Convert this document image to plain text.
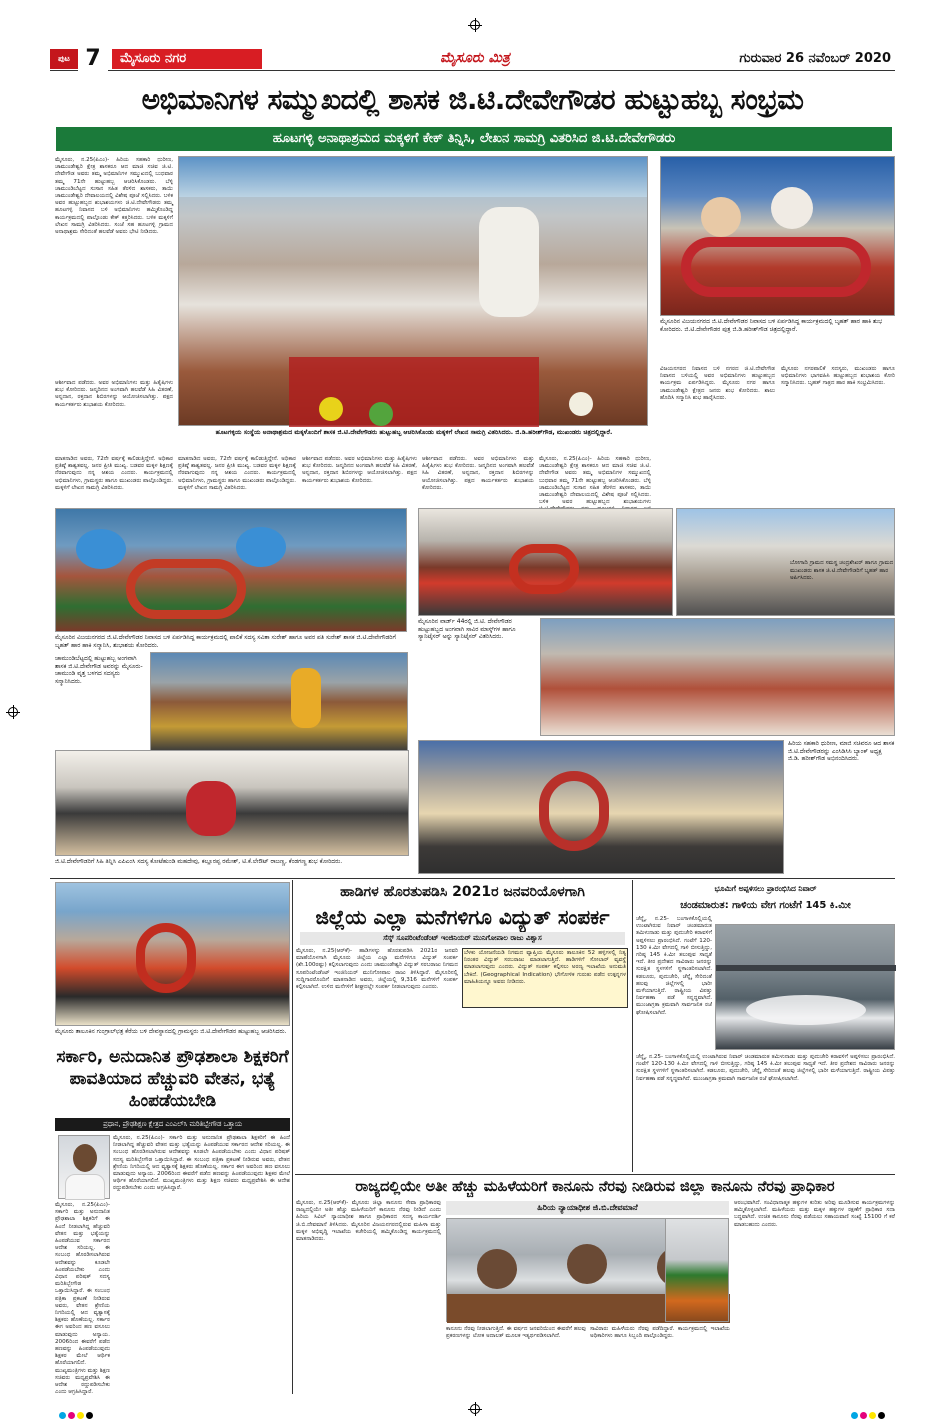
ಪುಟ 7	ಮೈಸೂರು ನಗರ	ಮೈಸೂರು ಮಿತ್ರ	ಗುರುವಾರ 26 ನವೆಂಬರ್ 2020
ಅಭಿಮಾನಿಗಳ ಸಮ್ಮುಖದಲ್ಲಿ ಶಾಸಕ ಜಿ.ಟಿ.ದೇವೇಗೌಡರ ಹುಟ್ಟುಹಬ್ಬ ಸಂಭ್ರಮ
ಹೂಟಗಳ್ಳಿ ಅನಾಥಾಶ್ರಮದ ಮಕ್ಕಳಿಗೆ ಕೇಕ್ ತಿನ್ನಿಸಿ, ಲೇಖನ ಸಾಮಗ್ರಿ ವಿತರಿಸಿದ ಜಿ.ಟಿ.ದೇವೇಗೌಡರು
ಮೈಸೂರು, ನ.25(ಪಿಎಂ)- ಹಿರಿಯ ಸಹಕಾರಿ ಧುರೀಣ, ಚಾಮುಂಡೇಶ್ವರಿ ಕ್ಷೇತ್ರ ಶಾಸಕರೂ ಆದ ಮಾಜಿ ಸಚಿವ ಜಿ.ಟಿ. ದೇವೇಗೌಡ ಅವರು ತಮ್ಮ ಅಭಿಮಾನಿಗಳ ಸಮ್ಮುಖದಲ್ಲಿ ಬುಧವಾರ ತಮ್ಮ 71ನೇ ಹುಟ್ಟುಹಬ್ಬ ಆಚರಿಸಿಕೊಂಡರು. ಬೆಳ್ಳಿ ಚಾಮುಂಡಿಬೆಟ್ಟದ ಸುಸಾನ ಸಹಿತ ತೆರಳಿದ ಶಾಸಕರು, ತಾಯಿ ಚಾಮುಂಡೇಶ್ವರಿ ದೇವಾಲಯದಲ್ಲಿ ವಿಶೇಷ ಪೂಜೆ ಸಲ್ಲಿಸಿದರು. ಬಳಿಕ ಅವರ ಹುಟ್ಟುಹಬ್ಬದ ಶುಭಾಶಯಗಳು ಜಿ.ಟಿ.ದೇವೇಗೌಡರು ತಮ್ಮ ಹೂಟಗಳ್ಳಿ ನಿವಾಸದ ಬಳಿ ಅಭಿಮಾನಿಗಳು ಹಮ್ಮಿಕೊಂಡಿದ್ದ ಕಾರ್ಯಕ್ರಮದಲ್ಲಿ ಪಾಲ್ಗೊಂಡು ಕೇಕ್ ಕತ್ತರಿಸಿದರು. ಬಳಿಕ ಮಕ್ಕಳಿಗೆ ಲೇಖನ ಸಾಮಗ್ರಿ ವಿತರಿಸಿದರು. ಸಂಜೆ ಸಹ ಹೂಟಗಳ್ಳಿ ಗ್ರಾಮದ ಅನಾಥಾಶ್ರಮ ಸೇರಿದಂತೆ ಹಲವೆಡೆ ಅವರು ಭೇಟಿ ನೀಡಿದರು.
ಆರ್ಶೀವಾದ ಪಡೆದರು. ಅವರ ಅಭಿಮಾನಿಗಳು ಮತ್ತು ಹಿತೈಷಿಗಳು ಶುಭ ಕೋರಿದರು. ಜನ್ಮದಿನದ ಅಂಗವಾಗಿ ಹಲವೆಡೆ ಸಿಹಿ ವಿತರಣೆ, ಅನ್ನದಾನ, ರಕ್ತದಾನ ಶಿಬಿರಗಳನ್ನು ಆಯೋಜಿಸಲಾಗಿತ್ತು. ಪಕ್ಷದ ಕಾರ್ಯಕರ್ತರು ಶುಭಾಶಯ ಕೋರಿದರು.
ಹೂಟಗಳ್ಳಿಯ ಸಂಸ್ಥೆಯ ಅನಾಥಾಶ್ರಮದ ಮಕ್ಕಳೊಂದಿಗೆ ಶಾಸಕ ಜಿ.ಟಿ.ದೇವೇಗೌಡರು ಹುಟ್ಟುಹಬ್ಬ ಆಚರಿಸಿಕೊಂಡು ಮಕ್ಕಳಿಗೆ ಲೇಖನ ಸಾಮಗ್ರಿ ವಿತರಿಸಿದರು. ಜಿ.ಡಿ.ಹರೀಶ್‌ಗೌಡ, ಮುಖಂಡರು ಚಿತ್ರದಲ್ಲಿದ್ದಾರೆ.
ಮೈಸೂರಿನ ವಿಜಯನಗರದ ಜಿ.ಟಿ.ದೇವೇಗೌಡರ ನಿವಾಸದ ಬಳಿ ಏರ್ಪಡಿಸಿದ್ದ ಕಾರ್ಯಕ್ರಮದಲ್ಲಿ ಬೃಹತ್ ಹಾರ ಹಾಕಿ ಶುಭ ಕೋರಿದರು. ಜಿ.ಟಿ.ದೇವೇಗೌಡರ ಪುತ್ರ ಜಿ.ಡಿ.ಹರೀಶ್‌ಗೌಡ ಚಿತ್ರದಲ್ಲಿದ್ದಾರೆ.
ವಿಜಯನಗರದ ನಿವಾಸದ ಬಳಿ ನಗರದ ಜಿ.ಟಿ.ದೇವೇಗೌಡ ನಿವಾಸದ ಬಳಿಯಲ್ಲಿ ಅವರ ಅಭಿಮಾನಿಗಳು ಹುಟ್ಟುಹಬ್ಬದ ಕಾರ್ಯಕ್ರಮ ಏರ್ಪಡಿಸಿದ್ದರು. ಮೈಸೂರು ನಗರ ಹಾಗೂ ಚಾಮುಂಡೇಶ್ವರಿ ಕ್ಷೇತ್ರದ ಜನರು ಶುಭ ಕೋರಿದರು. ಶಾಲು ಹೊದಿಸಿ ಸನ್ಮಾನಿಸಿ ಶುಭ ಹಾರೈಸಿದರು.
ಮೈಸೂರು ನಗರಪಾಲಿಕೆ ಸದಸ್ಯರು, ಮುಖಂಡರು ಹಾಗೂ ಅಭಿಮಾನಿಗಳು ಭಾಗವಹಿಸಿ ಹುಟ್ಟುಹಬ್ಬದ ಶುಭಾಶಯ ಕೋರಿ ಸನ್ಮಾನಿಸಿದರು. ಬೃಹತ್ ಗಾತ್ರದ ಹಾರ ಹಾಕಿ ಸಂಭ್ರಮಿಸಿದರು.
ಮಾತನಾಡಿದ ಅವರು, 72ನೇ ವರ್ಷಕ್ಕೆ ಕಾಲಿಡುತ್ತಿದ್ದೇನೆ. ಅಧಿಕಾರ ಪ್ರತಿಷ್ಠೆ ಶಾಶ್ವತವಲ್ಲ. ಜನರ ಪ್ರೀತಿ ಮುಖ್ಯ. ಬಡವರ ಮಕ್ಕಳ ಶಿಕ್ಷಣಕ್ಕೆ ನೆರವಾಗುವುದು ನನ್ನ ಆಶಯ ಎಂದರು. ಕಾರ್ಯಕ್ರಮದಲ್ಲಿ ಅಭಿಮಾನಿಗಳು, ಗ್ರಾಮಸ್ಥರು ಹಾಗೂ ಮುಖಂಡರು ಪಾಲ್ಗೊಂಡಿದ್ದರು. ಮಕ್ಕಳಿಗೆ ಲೇಖನ ಸಾಮಗ್ರಿ ವಿತರಿಸಿದರು.
ಮಾತನಾಡಿದ ಅವರು, 72ನೇ ವರ್ಷಕ್ಕೆ ಕಾಲಿಡುತ್ತಿದ್ದೇನೆ. ಅಧಿಕಾರ ಪ್ರತಿಷ್ಠೆ ಶಾಶ್ವತವಲ್ಲ. ಜನರ ಪ್ರೀತಿ ಮುಖ್ಯ. ಬಡವರ ಮಕ್ಕಳ ಶಿಕ್ಷಣಕ್ಕೆ ನೆರವಾಗುವುದು ನನ್ನ ಆಶಯ ಎಂದರು. ಕಾರ್ಯಕ್ರಮದಲ್ಲಿ ಅಭಿಮಾನಿಗಳು, ಗ್ರಾಮಸ್ಥರು ಹಾಗೂ ಮುಖಂಡರು ಪಾಲ್ಗೊಂಡಿದ್ದರು. ಮಕ್ಕಳಿಗೆ ಲೇಖನ ಸಾಮಗ್ರಿ ವಿತರಿಸಿದರು.
ಆರ್ಶೀವಾದ ಪಡೆದರು. ಅವರ ಅಭಿಮಾನಿಗಳು ಮತ್ತು ಹಿತೈಷಿಗಳು ಶುಭ ಕೋರಿದರು. ಜನ್ಮದಿನದ ಅಂಗವಾಗಿ ಹಲವೆಡೆ ಸಿಹಿ ವಿತರಣೆ, ಅನ್ನದಾನ, ರಕ್ತದಾನ ಶಿಬಿರಗಳನ್ನು ಆಯೋಜಿಸಲಾಗಿತ್ತು. ಪಕ್ಷದ ಕಾರ್ಯಕರ್ತರು ಶುಭಾಶಯ ಕೋರಿದರು.
ಆರ್ಶೀವಾದ ಪಡೆದರು. ಅವರ ಅಭಿಮಾನಿಗಳು ಮತ್ತು ಹಿತೈಷಿಗಳು ಶುಭ ಕೋರಿದರು. ಜನ್ಮದಿನದ ಅಂಗವಾಗಿ ಹಲವೆಡೆ ಸಿಹಿ ವಿತರಣೆ, ಅನ್ನದಾನ, ರಕ್ತದಾನ ಶಿಬಿರಗಳನ್ನು ಆಯೋಜಿಸಲಾಗಿತ್ತು. ಪಕ್ಷದ ಕಾರ್ಯಕರ್ತರು ಶುಭಾಶಯ ಕೋರಿದರು.
ಮೈಸೂರು, ನ.25(ಪಿಎಂ)- ಹಿರಿಯ ಸಹಕಾರಿ ಧುರೀಣ, ಚಾಮುಂಡೇಶ್ವರಿ ಕ್ಷೇತ್ರ ಶಾಸಕರೂ ಆದ ಮಾಜಿ ಸಚಿವ ಜಿ.ಟಿ. ದೇವೇಗೌಡ ಅವರು ತಮ್ಮ ಅಭಿಮಾನಿಗಳ ಸಮ್ಮುಖದಲ್ಲಿ ಬುಧವಾರ ತಮ್ಮ 71ನೇ ಹುಟ್ಟುಹಬ್ಬ ಆಚರಿಸಿಕೊಂಡರು. ಬೆಳ್ಳಿ ಚಾಮುಂಡಿಬೆಟ್ಟದ ಸುಸಾನ ಸಹಿತ ತೆರಳಿದ ಶಾಸಕರು, ತಾಯಿ ಚಾಮುಂಡೇಶ್ವರಿ ದೇವಾಲಯದಲ್ಲಿ ವಿಶೇಷ ಪೂಜೆ ಸಲ್ಲಿಸಿದರು. ಬಳಿಕ ಅವರ ಹುಟ್ಟುಹಬ್ಬದ ಶುಭಾಶಯಗಳು
ಮೈಸೂರಿನ ವಿಜಯನಗರದ ಜಿ.ಟಿ.ದೇವೇಗೌಡರ ನಿವಾಸದ ಬಳಿ ಏರ್ಪಡಿಸಿದ್ದ ಕಾರ್ಯಕ್ರಮದಲ್ಲಿ ಪಾಲಿಕೆ ಸದಸ್ಯ ಸವಿತಾ ಸುರೇಶ್ ಹಾಗೂ ಅವರ ಪತಿ ಸುರೇಶ್ ಶಾಸಕ ಜಿ.ಟಿ.ದೇವೇಗೌಡರಿಗೆ ಬೃಹತ್ ಹಾರ ಹಾಕಿ ಸನ್ಮಾನಿಸಿ, ಶುಭಾಶಯ ಕೋರಿದರು.
ಬೋಗಾದಿ ಗ್ರಾಮದ ಸಮಸ್ಥ ಚಂದ್ರಶೇಖರ್ ಹಾಗೂ ಗ್ರಾಮದ ಮುಖಂಡರು ಶಾಸಕ ಜಿ.ಟಿ.ದೇವೇಗೌಡರಿಗೆ ಬೃಹತ್ ಹಾರ ಅರ್ಪಿಸಿದರು.
ಮೈಸೂರಿನ ವಾರ್ಡ್ 44ರಲ್ಲಿ ಜಿ.ಟಿ. ದೇವೇಗೌಡರ ಹುಟ್ಟುಹಬ್ಬದ ಅಂಗವಾಗಿ ಸಾವಿರ ಮಾಸ್ಕ್‌ಗಳ ಹಾಗೂ ಸ್ಯಾನಿಟೈಸರ್ ಅನ್ನು ಸ್ಯಾನಿಟೈಸರ್ ವಿತರಿಸಿದರು.
ಚಾಮುಂಡಿಬೆಟ್ಟದಲ್ಲಿ ಹುಟ್ಟುಹಬ್ಬ ಅಂಗವಾಗಿ ಶಾಸಕ ಜಿ.ಟಿ.ದೇವೇಗೌಡ ಅವರನ್ನು ಮೈಸೂರು-ಚಾಮುಂಡಿ ವೃತ್ತ ಬಳಗದ ಸದಸ್ಯರು ಸನ್ಮಾನಿಸಿದರು.
ಜಿ.ಟಿ.ದೇವೇಗೌಡರಿಗೆ ಸಿಹಿ ತಿನ್ನಿಸಿ ಎಪಿಎಂಸಿ ಸದಸ್ಯ ಕೋಟೆಹುಂಡಿ ಮಹದೇವು, ಕಲ್ಲೂರಪ್ಪ ರಮೇಶ್, ಟಿ.ಕೆ.ಲೇಔಟ್ ರಾಜಣ್ಣ, ಕೆಂಡಗಣ್ಣ ಶುಭ ಕೋರಿದರು.
ಹಿರಿಯ ಸಹಕಾರಿ ಧುರೀಣ, ಮಾಜಿ ಸಚಿವರೂ ಆದ ಶಾಸಕ ಜಿ.ಟಿ.ದೇವೇಗೌಡರನ್ನು ಎಂಸಿಡಿಸಿಸಿ ಬ್ಯಾಂಕ್ ಅಧ್ಯಕ್ಷ ಜಿ.ಡಿ. ಹರೀಶ್‌ಗೌಡ ಅಭಿನಂದಿಸಿದರು.
ಮೈಸೂರು ತಾಲೂಕಿನ ಗುಂಗ್ರಾಲ್‌ಛತ್ರ ಕೆರೆಯ ಬಳಿ ದೇವಸ್ಥಾನದಲ್ಲಿ ಗ್ರಾಮಸ್ಥರು ಜಿ.ಟಿ.ದೇವೇಗೌಡರ ಹುಟ್ಟುಹಬ್ಬ ಆಚರಿಸಿದರು.
ಸರ್ಕಾರಿ, ಅನುದಾನಿತ ಪ್ರೌಢಶಾಲಾ ಶಿಕ್ಷಕರಿಗೆ ಪಾವತಿಯಾದ ಹೆಚ್ಚುವರಿ ವೇತನ, ಭತ್ಯೆ ಹಿಂಪಡೆಯಬೇಡಿ
ಪ್ರಧಾನ, ಪ್ರೌಢಶಿಕ್ಷಣ ಕ್ಷೇತ್ರದ ಎಂಎಲ್‌ಸಿ ಮರಿತಿಬ್ಬೇಗೌಡ ಒತ್ತಾಯ
ಮೈಸೂರು, ನ.25(ಪಿಎಂ)- ಸರ್ಕಾರಿ ಮತ್ತು ಅನುದಾನಿತ ಪ್ರೌಢಶಾಲಾ ಶಿಕ್ಷಕರಿಗೆ ಈ ಹಿಂದೆ ನೀಡಲಾಗಿದ್ದ ಹೆಚ್ಚುವರಿ ವೇತನ ಮತ್ತು ಭತ್ಯೆಯನ್ನು ಹಿಂಪಡೆಯುವ ಸರ್ಕಾರದ ಆದೇಶ ಸರಿಯಲ್ಲ. ಈ ಸಂಬಂಧ ಹೊರಡಿಸಲಾಗಿರುವ ಆದೇಶವನ್ನು ಕೂಡಲೇ ಹಿಂಪಡೆಯಬೇಕು ಎಂದು ವಿಧಾನ ಪರಿಷತ್ ಸದಸ್ಯ ಮರಿತಿಬ್ಬೇಗೌಡ ಒತ್ತಾಯಿಸಿದ್ದಾರೆ. ಈ ಸಂಬಂಧ ಪತ್ರಿಕಾ ಪ್ರಕಟಣೆ ನೀಡಿರುವ ಅವರು, ವೇತನ ಶ್ರೇಣಿಯ ನಿಗದಿಯಲ್ಲಿ ಆದ ವ್ಯತ್ಯಾಸಕ್ಕೆ ಶಿಕ್ಷಕರು ಹೊಣೆಯಲ್ಲ. ಸರ್ಕಾರ ಈಗ ಅವರಿಂದ ಹಣ ವಸೂಲು ಮಾಡುವುದು ಅನ್ಯಾಯ. 2006ರಿಂದ ಈವರೆಗೆ ಪಡೆದ ಹಣವನ್ನು ಹಿಂಪಡೆಯುವುದು ಶಿಕ್ಷಕರ ಮೇಲೆ ಆರ್ಥಿಕ ಹೊರೆಯಾಗಲಿದೆ. ಮುಖ್ಯಮಂತ್ರಿಗಳು ಮತ್ತು ಶಿಕ್ಷಣ ಸಚಿವರು ಮಧ್ಯಪ್ರವೇಶಿಸಿ ಈ ಆದೇಶ ರದ್ದುಪಡಿಸಬೇಕು ಎಂದು ಆಗ್ರಹಿಸಿದ್ದಾರೆ.
ಮೈಸೂರು, ನ.25(ಪಿಎಂ)- ಸರ್ಕಾರಿ ಮತ್ತು ಅನುದಾನಿತ ಪ್ರೌಢಶಾಲಾ ಶಿಕ್ಷಕರಿಗೆ ಈ ಹಿಂದೆ ನೀಡಲಾಗಿದ್ದ ಹೆಚ್ಚುವರಿ ವೇತನ ಮತ್ತು ಭತ್ಯೆಯನ್ನು ಹಿಂಪಡೆಯುವ ಸರ್ಕಾರದ ಆದೇಶ ಸರಿಯಲ್ಲ. ಈ ಸಂಬಂಧ ಹೊರಡಿಸಲಾಗಿರುವ ಆದೇಶವನ್ನು ಕೂಡಲೇ ಹಿಂಪಡೆಯಬೇಕು ಎಂದು ವಿಧಾನ ಪರಿಷತ್ ಸದಸ್ಯ ಮರಿತಿಬ್ಬೇಗೌಡ ಒತ್ತಾಯಿಸಿದ್ದಾರೆ. ಈ ಸಂಬಂಧ ಪತ್ರಿಕಾ ಪ್ರಕಟಣೆ ನೀಡಿರುವ ಅವರು, ವೇತನ ಶ್ರೇಣಿಯ ನಿಗದಿಯಲ್ಲಿ ಆದ ವ್ಯತ್ಯಾಸಕ್ಕೆ ಶಿಕ್ಷಕರು ಹೊಣೆಯಲ್ಲ. ಸರ್ಕಾರ ಈಗ ಅವರಿಂದ ಹಣ ವಸೂಲು ಮಾಡುವುದು ಅನ್ಯಾಯ. 2006ರಿಂದ ಈವರೆಗೆ ಪಡೆದ ಹಣವನ್ನು ಹಿಂಪಡೆಯುವುದು ಶಿಕ್ಷಕರ ಮೇಲೆ ಆರ್ಥಿಕ ಹೊರೆಯಾಗಲಿದೆ. ಮುಖ್ಯಮಂತ್ರಿಗಳು ಮತ್ತು ಶಿಕ್ಷಣ ಸಚಿವರು ಮಧ್ಯಪ್ರವೇಶಿಸಿ ಈ ಆದೇಶ ರದ್ದುಪಡಿಸಬೇಕು ಎಂದು ಆಗ್ರಹಿಸಿದ್ದಾರೆ.
ಹಾಡಿಗಳ ಹೊರತುಪಡಿಸಿ 2021ರ ಜನವರಿಯೊಳಗಾಗಿ
ಜಿಲ್ಲೆಯ ಎಲ್ಲಾ ಮನೆಗಳಿಗೂ ವಿದ್ಯುತ್ ಸಂಪರ್ಕ
ಸೆಸ್ಕ್ ಸೂಪರಿಂಟೆಂಡೆಂಟ್ ಇಂಜಿನಿಯರ್ ಮುನಿಗೋಪಾಲ ರಾಜು ವಿಶ್ವಾಸ
ಮೈಸೂರು, ನ.25(ಆರ್‌ಕೆ)- ಹಾಡಿಗಳನ್ನು ಹೊರತುಪಡಿಸಿ 2021ರ ಜನವರಿ ಮಾಹೆಯೊಳಗಾಗಿ ಮೈಸೂರು ಜಿಲ್ಲೆಯ ಎಲ್ಲಾ ಮನೆಗಳಿಗೂ ವಿದ್ಯುತ್ ಸಂಪರ್ಕ (ಶೇ.100ರಷ್ಟು) ಕಲ್ಪಿಸಲಾಗುವುದು ಎಂದು ಚಾಮುಂಡೇಶ್ವರಿ ವಿದ್ಯುತ್ ಸರಬರಾಜು ನಿಗಮದ ಸೂಪರಿಂಟೆಂಡೆಂಟ್ ಇಂಜಿನಿಯರ್ ಮುನಿಗೋಪಾಲ ರಾಜು ತಿಳಿಸಿದ್ದಾರೆ. ಮೈಸೂರಿನಲ್ಲಿ ಸುದ್ದಿಗಾರರೊಂದಿಗೆ ಮಾತನಾಡಿದ ಅವರು, ಜಿಲ್ಲೆಯಲ್ಲಿ 9,316 ಮನೆಗಳಿಗೆ ಸಂಪರ್ಕ ಕಲ್ಪಿಸಲಾಗಿದೆ. ಉಳಿದ ಮನೆಗಳಿಗೆ ಶೀಘ್ರದಲ್ಲೇ ಸಂಪರ್ಕ ನೀಡಲಾಗುವುದು ಎಂದರು.
ಬೆಳಕು ಯೋಜನೆಯಡಿ ನಿಗಮದ ವ್ಯಾಪ್ತಿಯ ಮೈಸೂರು ತಾಲೂಕಿನ 52 ಹಳ್ಳಿಗಳಲ್ಲಿ ನಿತ್ಯ ನಿರಂತರ ವಿದ್ಯುತ್ ಸರಬರಾಜು ಮಾಡಲಾಗುತ್ತಿದೆ. ಹಾಡಿಗಳಿಗೆ ಸೋಲಾರ್ ವ್ಯವಸ್ಥೆ ಮಾಡಲಾಗುವುದು ಎಂದರು. ವಿದ್ಯುತ್ ಸಂಪರ್ಕ ಕಲ್ಪಿಸಲು ಅರಣ್ಯ ಇಲಾಖೆಯ ಅನುಮತಿ ಬೇಕಿದೆ. (Geographical Indication) ಭೌಗೋಳಿಕ ಗುರುತು ಪಡೆದ ಉತ್ಪನ್ನಗಳ ಮಾಹಿತಿಯನ್ನೂ ಅವರು ನೀಡಿದರು.
ಭೂಮಿಗೆ ಅಪ್ಪಳಿಸಲು ಪ್ರಾರಂಭಿಸಿದ ನಿವಾರ್
ಚಂಡಮಾರುತ: ಗಾಳಿಯ ವೇಗ ಗಂಟೆಗೆ 145 ಕಿ.ಮೀ
ಚೆನ್ನೈ, ನ.25- ಬಂಗಾಳಕೊಲ್ಲಿಯಲ್ಲಿ ಉಂಟಾಗಿರುವ ನಿವಾರ್ ಚಂಡಮಾರುತ ತಮಿಳುನಾಡು ಮತ್ತು ಪುದುಚೇರಿ ಕರಾವಳಿಗೆ ಅಪ್ಪಳಿಸಲು ಪ್ರಾರಂಭಿಸಿದೆ. ಗಂಟೆಗೆ 120-130 ಕಿ.ಮೀ ವೇಗದಲ್ಲಿ ಗಾಳಿ ಬೀಸುತ್ತಿದ್ದು, ಗರಿಷ್ಠ 145 ಕಿ.ಮೀ ತಲುಪುವ ಸಾಧ್ಯತೆ ಇದೆ. ತೀರ ಪ್ರದೇಶದ ಸಾವಿರಾರು ಜನರನ್ನು ಸುರಕ್ಷಿತ ಸ್ಥಳಗಳಿಗೆ ಸ್ಥಳಾಂತರಿಸಲಾಗಿದೆ. ಕಡಲೂರು, ಪುದುಚೇರಿ, ಚೆನ್ನೈ ಸೇರಿದಂತೆ ಹಲವು ಜಿಲ್ಲೆಗಳಲ್ಲಿ ಭಾರೀ ಮಳೆಯಾಗುತ್ತಿದೆ. ರಾಷ್ಟ್ರೀಯ ವಿಪತ್ತು ನಿರ್ವಹಣಾ ಪಡೆ ಸನ್ನದ್ಧವಾಗಿದೆ. ಮುಂಜಾಗ್ರತಾ ಕ್ರಮವಾಗಿ ಸಾರ್ವಜನಿಕ ರಜೆ ಘೋಷಿಸಲಾಗಿದೆ.
ಚೆನ್ನೈ, ನ.25- ಬಂಗಾಳಕೊಲ್ಲಿಯಲ್ಲಿ ಉಂಟಾಗಿರುವ ನಿವಾರ್ ಚಂಡಮಾರುತ ತಮಿಳುನಾಡು ಮತ್ತು ಪುದುಚೇರಿ ಕರಾವಳಿಗೆ ಅಪ್ಪಳಿಸಲು ಪ್ರಾರಂಭಿಸಿದೆ. ಗಂಟೆಗೆ 120-130 ಕಿ.ಮೀ ವೇಗದಲ್ಲಿ ಗಾಳಿ ಬೀಸುತ್ತಿದ್ದು, ಗರಿಷ್ಠ 145 ಕಿ.ಮೀ ತಲುಪುವ ಸಾಧ್ಯತೆ ಇದೆ. ತೀರ ಪ್ರದೇಶದ ಸಾವಿರಾರು ಜನರನ್ನು ಸುರಕ್ಷಿತ ಸ್ಥಳಗಳಿಗೆ ಸ್ಥಳಾಂತರಿಸಲಾಗಿದೆ. ಕಡಲೂರು, ಪುದುಚೇರಿ, ಚೆನ್ನೈ ಸೇರಿದಂತೆ ಹಲವು ಜಿಲ್ಲೆಗಳಲ್ಲಿ ಭಾರೀ ಮಳೆಯಾಗುತ್ತಿದೆ. ರಾಷ್ಟ್ರೀಯ ವಿಪತ್ತು ನಿರ್ವಹಣಾ ಪಡೆ ಸನ್ನದ್ಧವಾಗಿದೆ. ಮುಂಜಾಗ್ರತಾ ಕ್ರಮವಾಗಿ ಸಾರ್ವಜನಿಕ ರಜೆ ಘೋಷಿಸಲಾಗಿದೆ.
ರಾಜ್ಯದಲ್ಲಿಯೇ ಅತೀ ಹೆಚ್ಚು ಮಹಿಳೆಯರಿಗೆ ಕಾನೂನು ನೆರವು ನೀಡಿರುವ ಜಿಲ್ಲಾ ಕಾನೂನು ನೆರವು ಪ್ರಾಧಿಕಾರ
ಮೈಸೂರು, ನ.25(ಆರ್‌ಕೆ)- ಮೈಸೂರು ಜಿಲ್ಲಾ ಕಾನೂನು ಸೇವಾ ಪ್ರಾಧಿಕಾರವು ರಾಜ್ಯದಲ್ಲಿಯೇ ಅತೀ ಹೆಚ್ಚು ಮಹಿಳೆಯರಿಗೆ ಕಾನೂನು ನೆರವು ನೀಡಿದೆ ಎಂದು ಹಿರಿಯ ಸಿವಿಲ್ ನ್ಯಾಯಾಧೀಶ ಹಾಗೂ ಪ್ರಾಧಿಕಾರದ ಸದಸ್ಯ ಕಾರ್ಯದರ್ಶಿ ಜಿ.ಬಿ.ದೇವಮಾನೆ ತಿಳಿಸಿದರು. ಮೈಸೂರಿನ ವಿಜಯನಗರದಲ್ಲಿರುವ ಮಹಿಳಾ ಮತ್ತು ಮಕ್ಕಳ ಅಭಿವೃದ್ಧಿ ಇಲಾಖೆಯ ಕಚೇರಿಯಲ್ಲಿ ಹಮ್ಮಿಕೊಂಡಿದ್ದ ಕಾರ್ಯಕ್ರಮದಲ್ಲಿ ಮಾತನಾಡಿದರು.
ಹಿರಿಯ ನ್ಯಾಯಾಧೀಶ ಜಿ.ಬಿ.ದೇವಮಾನೆ
ಕಾನೂನು ನೆರವು ನೀಡಲಾಗುತ್ತಿದೆ. ಈ ವರ್ಷದ ಜನವರಿಯಿಂದ ಈವರೆಗೆ ಹಲವು ಪ್ರಕರಣಗಳನ್ನು ಲೋಕ ಅದಾಲತ್ ಮೂಲಕ ಇತ್ಯರ್ಥಪಡಿಸಲಾಗಿದೆ.
ಸಾವಿರಾರು ಮಹಿಳೆಯರು ನೆರವು ಪಡೆದಿದ್ದಾರೆ. ಕಾರ್ಯಕ್ರಮದಲ್ಲಿ ಇಲಾಖೆಯ ಅಧಿಕಾರಿಗಳು ಹಾಗೂ ಸಿಬ್ಬಂದಿ ಪಾಲ್ಗೊಂಡಿದ್ದರು.
ಆರಂಭವಾಗಿದೆ. ಸಂವಿಧಾನಾತ್ಮಕ ಹಕ್ಕುಗಳ ಕುರಿತು ಅರಿವು ಮೂಡಿಸುವ ಕಾರ್ಯಕ್ರಮಗಳನ್ನು ಹಮ್ಮಿಕೊಳ್ಳಲಾಗಿದೆ. ಮಹಿಳೆಯರು ಮತ್ತು ಮಕ್ಕಳ ಹಕ್ಕುಗಳ ರಕ್ಷಣೆಗೆ ಪ್ರಾಧಿಕಾರ ಸದಾ ಬದ್ಧವಾಗಿದೆ. ಉಚಿತ ಕಾನೂನು ನೆರವು ಪಡೆಯಲು ಸಹಾಯವಾಣಿ ಸಂಖ್ಯೆ 15100 ಗೆ ಕರೆ ಮಾಡಬಹುದು ಎಂದರು.
